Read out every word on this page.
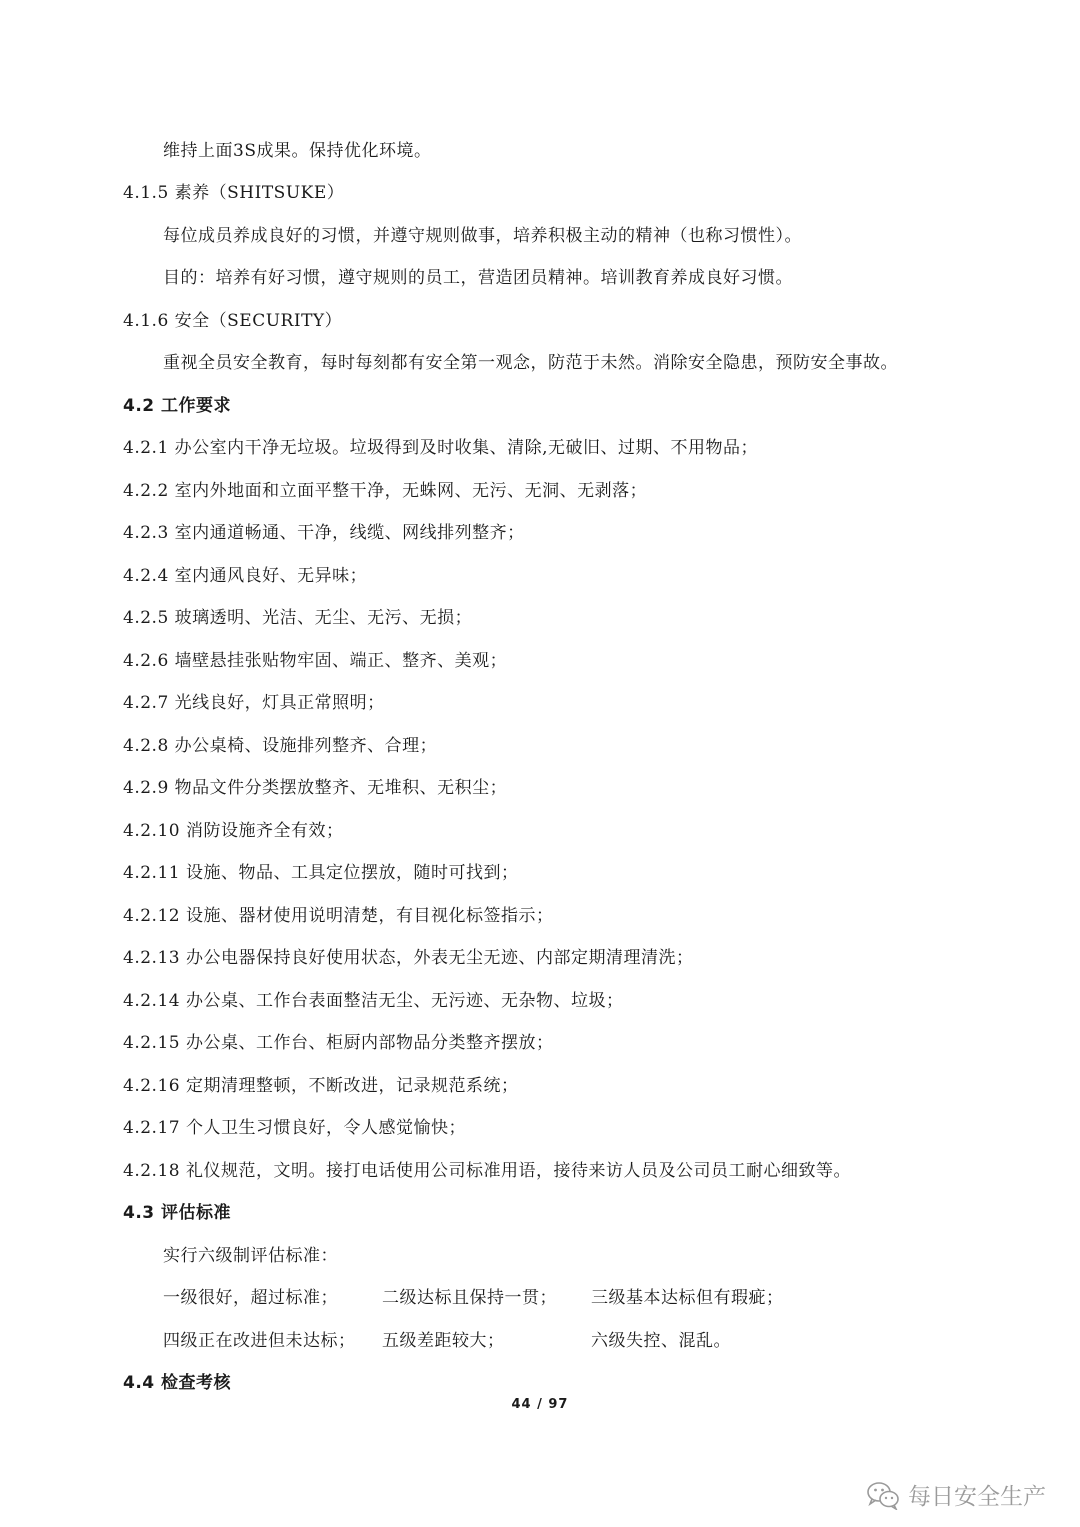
维持上面3S成果。保持优化环境。
4.1.5 素养（SHITSUKE）
每位成员养成良好的习惯，并遵守规则做事，培养积极主动的精神（也称习惯性）。
目的：培养有好习惯，遵守规则的员工，营造团员精神。培训教育养成良好习惯。
4.1.6 安全（SECURITY）
重视全员安全教育，每时每刻都有安全第一观念，防范于未然。消除安全隐患，预防安全事故。
4.2 工作要求
4.2.1 办公室内干净无垃圾。垃圾得到及时收集、清除,无破旧、过期、不用物品；
4.2.2 室内外地面和立面平整干净，无蛛网、无污、无洞、无剥落；
4.2.3 室内通道畅通、干净，线缆、网线排列整齐；
4.2.4 室内通风良好、无异味；
4.2.5 玻璃透明、光洁、无尘、无污、无损；
4.2.6 墙壁悬挂张贴物牢固、端正、整齐、美观；
4.2.7 光线良好，灯具正常照明；
4.2.8 办公桌椅、设施排列整齐、合理；
4.2.9 物品文件分类摆放整齐、无堆积、无积尘；
4.2.10 消防设施齐全有效；
4.2.11 设施、物品、工具定位摆放，随时可找到；
4.2.12 设施、器材使用说明清楚，有目视化标签指示；
4.2.13 办公电器保持良好使用状态，外表无尘无迹、内部定期清理清洗；
4.2.14 办公桌、工作台表面整洁无尘、无污迹、无杂物、垃圾；
4.2.15 办公桌、工作台、柜厨内部物品分类整齐摆放；
4.2.16 定期清理整顿，不断改进，记录规范系统；
4.2.17 个人卫生习惯良好，令人感觉愉快；
4.2.18 礼仪规范，文明。接打电话使用公司标准用语，接待来访人员及公司员工耐心细致等。
4.3 评估标准
实行六级制评估标准：
一级很好，超过标准；	二级达标且保持一贯； 三级基本达标但有瑕疵；
四级正在改进但未达标； 五级差距较大；	六级失控、混乱。
4.4 检查考核
44 / 97
每日安全生产
